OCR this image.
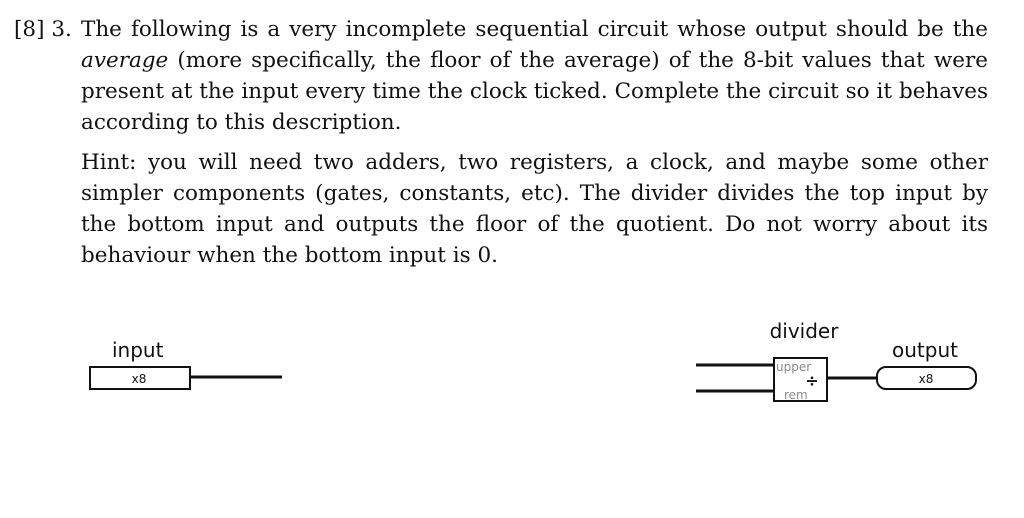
[8] 3. The following is a very incomplete sequential circuit whose output should be the average (more specifically, the floor of the average) of the 8-bit values that were present at the input every time the clock ticked. Complete the circuit so it behaves according to this description.

Hint: you will need two adders, two registers, a clock, and maybe some other simpler components (gates, constants, etc). The divider divides the top input by the bottom input and outputs the floor of the quotient. Do not worry about its behaviour when the bottom input is 0.

input
x8
divider
upper
÷
rem
output
x8
